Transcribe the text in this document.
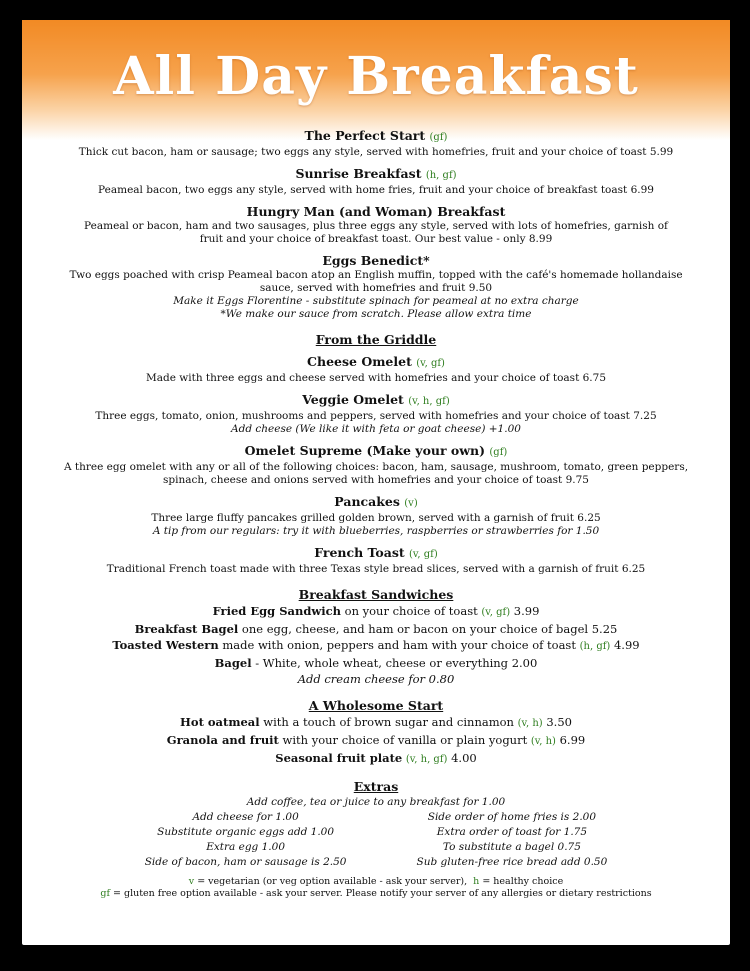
All Day Breakfast
The Perfect Start (gf)
Thick cut bacon, ham or sausage; two eggs any style, served with homefries, fruit and your choice of toast 5.99
Sunrise Breakfast (h, gf)
Peameal bacon, two eggs any style, served with home fries, fruit and your choice of breakfast toast 6.99
Hungry Man (and Woman) Breakfast
Peameal or bacon, ham and two sausages, plus three eggs any style, served with lots of homefries, garnish of fruit and your choice of breakfast toast. Our best value - only 8.99
Eggs Benedict*
Two eggs poached with crisp Peameal bacon atop an English muffin, topped with the café's homemade hollandaise sauce, served with homefries and fruit 9.50
Make it Eggs Florentine - substitute spinach for peameal at no extra charge
*We make our sauce from scratch. Please allow extra time
From the Griddle
Cheese Omelet (v, gf)
Made with three eggs and cheese served with homefries and your choice of toast 6.75
Veggie Omelet (v, h, gf)
Three eggs, tomato, onion, mushrooms and peppers, served with homefries and your choice of toast 7.25
Add cheese (We like it with feta or goat cheese) +1.00
Omelet Supreme (Make your own) (gf)
A three egg omelet with any or all of the following choices: bacon, ham, sausage, mushroom, tomato, green peppers, spinach, cheese and onions served with homefries and your choice of toast 9.75
Pancakes (v)
Three large fluffy pancakes grilled golden brown, served with a garnish of fruit 6.25
A tip from our regulars: try it with blueberries, raspberries or strawberries for 1.50
French Toast (v, gf)
Traditional French toast made with three Texas style bread slices, served with a garnish of fruit 6.25
Breakfast Sandwiches
Fried Egg Sandwich on your choice of toast (v, gf) 3.99
Breakfast Bagel one egg, cheese, and ham or bacon on your choice of bagel 5.25
Toasted Western made with onion, peppers and ham with your choice of toast (h, gf) 4.99
Bagel - White, whole wheat, cheese or everything 2.00
Add cream cheese for 0.80
A Wholesome Start
Hot oatmeal with a touch of brown sugar and cinnamon (v, h) 3.50
Granola and fruit with your choice of vanilla or plain yogurt (v, h) 6.99
Seasonal fruit plate (v, h, gf) 4.00
Extras
Add coffee, tea or juice to any breakfast for 1.00
Add cheese for 1.00
Substitute organic eggs add 1.00
Extra egg 1.00
Side of bacon, ham or sausage is 2.50
Side order of home fries is 2.00
Extra order of toast for 1.75
To substitute a bagel 0.75
Sub gluten-free rice bread add 0.50
v = vegetarian (or veg option available - ask your server), h = healthy choice
gf = gluten free option available - ask your server. Please notify your server of any allergies or dietary restrictions
